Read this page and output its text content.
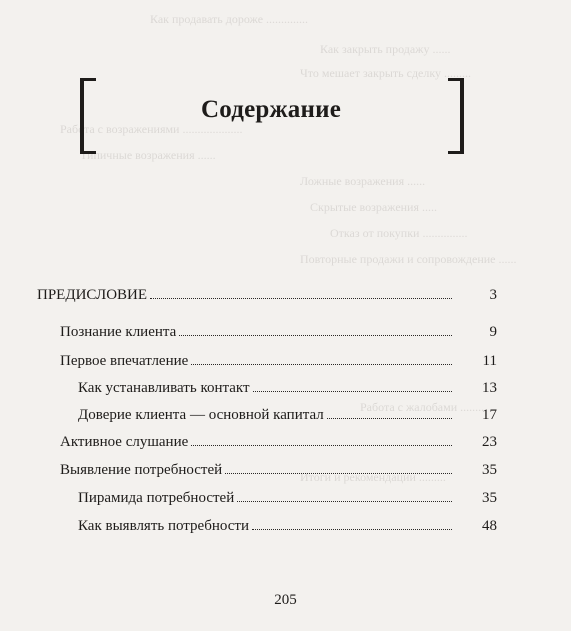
Как продавать дороже ..............
Как закрыть продажу ......
Что мешает закрыть сделку .........
Работа с возражениями ....................
Типичные возражения ......
Ложные возражения ......
Скрытые возражения .....
Отказ от покупки ...............
Повторные продажи и сопровождение ......
Работа с жалобами ........
Итоги и рекомендации .........
Содержание
ПРЕДИСЛОВИЕ	3
Познание клиента	9
Первое впечатление	11
Как устанавливать контакт	13
Доверие клиента — основной капитал	17
Активное слушание	23
Выявление потребностей	35
Пирамида потребностей	35
Как выявлять потребности	48
205
